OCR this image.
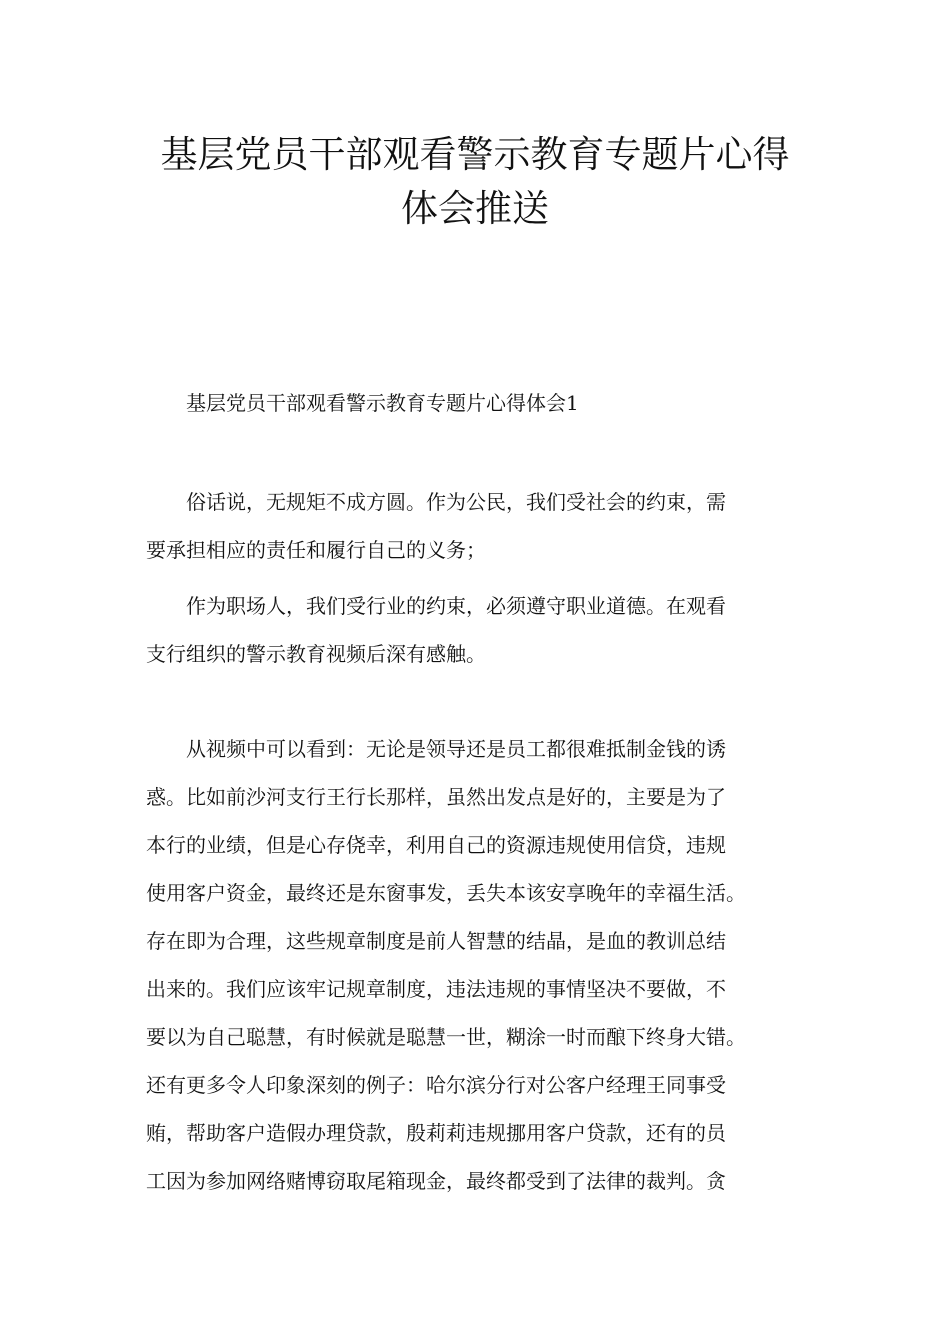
基层党员干部观看警示教育专题片心得
体会推送

　　基层党员干部观看警示教育专题片心得体会1

　　俗话说，无规矩不成方圆。作为公民，我们受社会的约束，需
要承担相应的责任和履行自己的义务；

　　作为职场人，我们受行业的约束，必须遵守职业道德。在观看
支行组织的警示教育视频后深有感触。

　　从视频中可以看到：无论是领导还是员工都很难抵制金钱的诱
惑。比如前沙河支行王行长那样，虽然出发点是好的，主要是为了
本行的业绩，但是心存侥幸，利用自己的资源违规使用信贷，违规
使用客户资金，最终还是东窗事发，丢失本该安享晚年的幸福生活。
存在即为合理，这些规章制度是前人智慧的结晶，是血的教训总结
出来的。我们应该牢记规章制度，违法违规的事情坚决不要做，不
要以为自己聪慧，有时候就是聪慧一世，糊涂一时而酿下终身大错。
还有更多令人印象深刻的例子：哈尔滨分行对公客户经理王同事受
贿，帮助客户造假办理贷款，殷莉莉违规挪用客户贷款，还有的员
工因为参加网络赌博窃取尾箱现金，最终都受到了法律的裁判。贪
